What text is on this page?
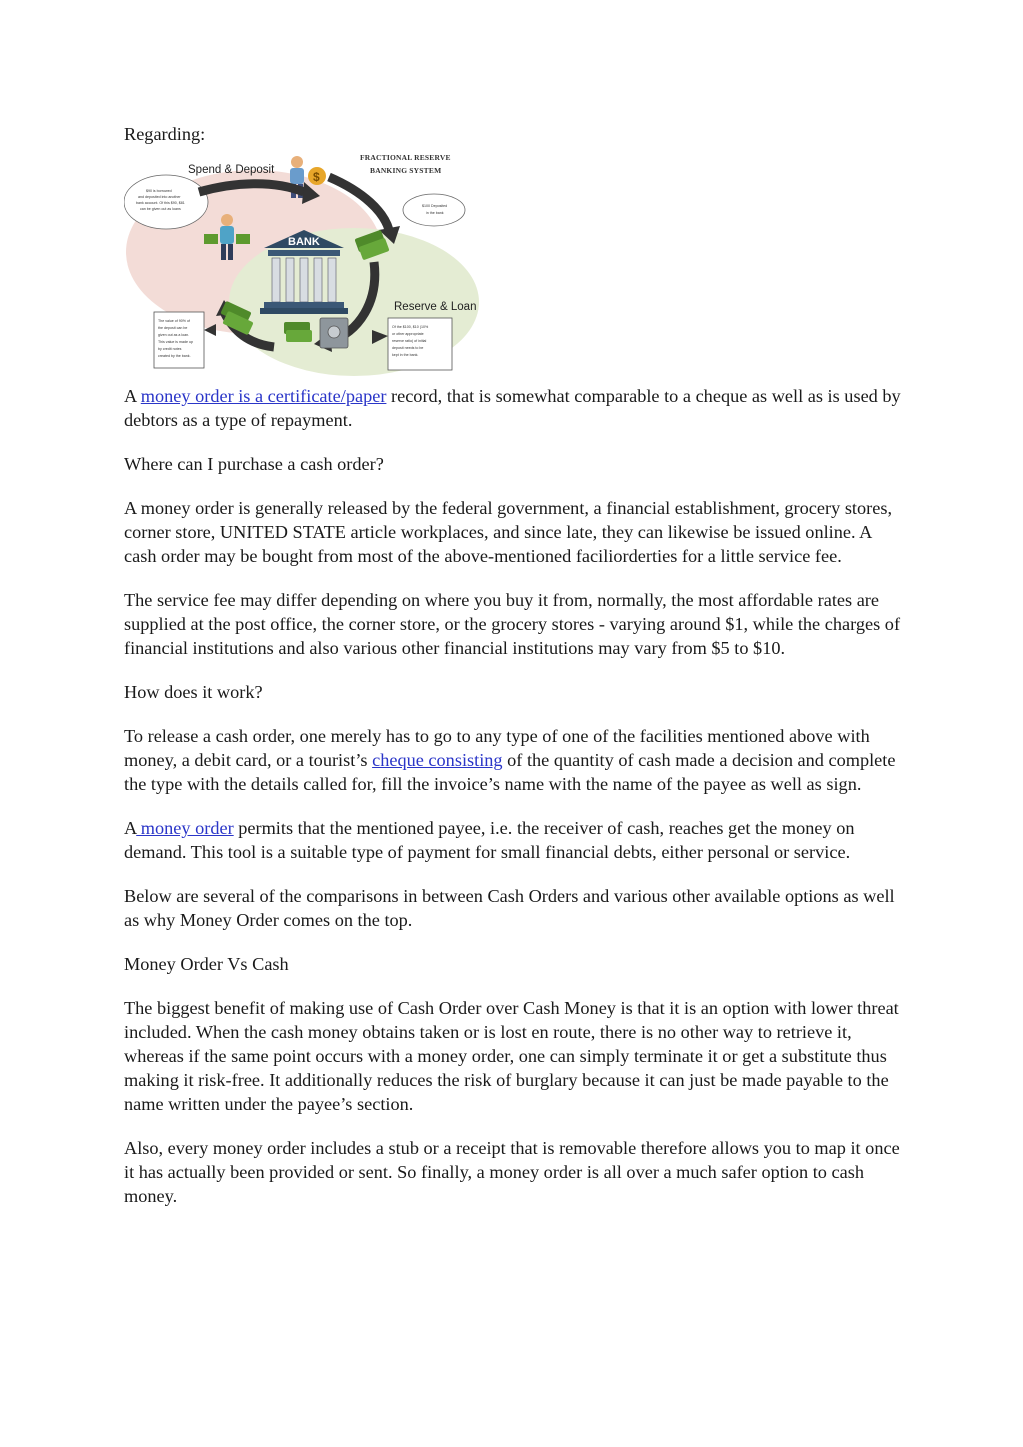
Regarding:

FRACTIONAL RESERVE
BANKING SYSTEM
Spend & Deposit
Reserve & Loan
$
$90 is borrowed and deposited into another bank account. Of this $90, $81 can be given out as loans
$100 Deposited in the bank
BANK
The value of 90% of the deposit can be given out as a loan. This value is made up by credit notes created by the bank.
Of the $100, $10 (10% or other appropriate reserve ratio) of initial deposit needs to be kept in the bank.

A money order is a certificate/paper record, that is somewhat comparable to a cheque as well as is used by debtors as a type of repayment.

Where can I purchase a cash order?

A money order is generally released by the federal government, a financial establishment, grocery stores, corner store, UNITED STATE article workplaces, and since late, they can likewise be issued online. A cash order may be bought from most of the above-mentioned faciliorderties for a little service fee.

The service fee may differ depending on where you buy it from, normally, the most affordable rates are supplied at the post office, the corner store, or the grocery stores - varying around $1, while the charges of financial institutions and also various other financial institutions may vary from $5 to $10.

How does it work?

To release a cash order, one merely has to go to any type of one of the facilities mentioned above with money, a debit card, or a tourist’s cheque consisting of the quantity of cash made a decision and complete the type with the details called for, fill the invoice’s name with the name of the payee as well as sign.

A money order permits that the mentioned payee, i.e. the receiver of cash, reaches get the money on demand. This tool is a suitable type of payment for small financial debts, either personal or service.

Below are several of the comparisons in between Cash Orders and various other available options as well as why Money Order comes on the top.

Money Order Vs Cash

The biggest benefit of making use of Cash Order over Cash Money is that it is an option with lower threat included. When the cash money obtains taken or is lost en route, there is no other way to retrieve it, whereas if the same point occurs with a money order, one can simply terminate it or get a substitute thus making it risk-free. It additionally reduces the risk of burglary because it can just be made payable to the name written under the payee’s section.

Also, every money order includes a stub or a receipt that is removable therefore allows you to map it once it has actually been provided or sent. So finally, a money order is all over a much safer option to cash money.
